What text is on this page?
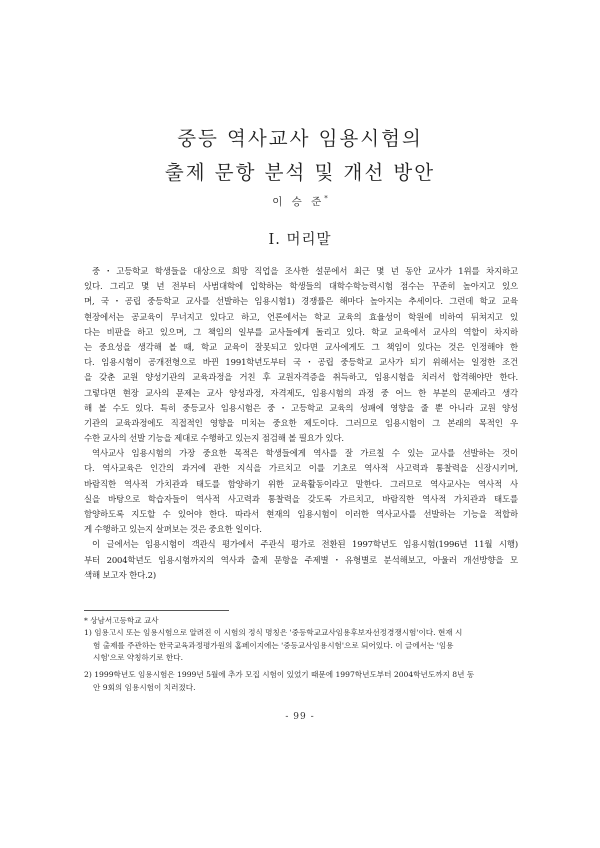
중등 역사교사 임용시험의
출제 문항 분석 및 개선 방안
이 승 준*
Ⅰ. 머리말
중・고등학교 학생들을 대상으로 희망 직업을 조사한 설문에서 최근 몇 년 동안 교사가 1위를 차지하고
있다. 그리고 몇 년 전부터 사범대학에 입학하는 학생들의 대학수학능력시험 점수는 꾸준히 높아지고 있으
며, 국・공립 중등학교 교사를 선발하는 임용시험1) 경쟁률은 해마다 높아지는 추세이다. 그런데 학교 교육
현장에서는 공교육이 무너지고 있다고 하고, 언론에서는 학교 교육의 효율성이 학원에 비하여 뒤쳐지고 있
다는 비판을 하고 있으며, 그 책임의 일부를 교사들에게 돌리고 있다. 학교 교육에서 교사의 역할이 차지하
는 중요성을 생각해 볼 때, 학교 교육이 잘못되고 있다면 교사에게도 그 책임이 있다는 것은 인정해야 한
다. 임용시험이 공개전형으로 바뀐 1991학년도부터 국・공립 중등학교 교사가 되기 위해서는 일정한 조건
을 갖춘 교원 양성기관의 교육과정을 거친 후 교원자격증을 취득하고, 임용시험을 치러서 합격해야만 한다.
그렇다면 현장 교사의 문제는 교사 양성과정, 자격제도, 임용시험의 과정 중 어느 한 부분의 문제라고 생각
해 볼 수도 있다. 특히 중등교사 임용시험은 중・고등학교 교육의 성패에 영향을 줄 뿐 아니라 교원 양성
기관의 교육과정에도 직접적인 영향을 미치는 중요한 제도이다. 그러므로 임용시험이 그 본래의 목적인 우
수한 교사의 선발 기능을 제대로 수행하고 있는지 점검해 볼 필요가 있다.
역사교사 임용시험의 가장 중요한 목적은 학생들에게 역사를 잘 가르칠 수 있는 교사를 선발하는 것이
다. 역사교육은 인간의 과거에 관한 지식을 가르치고 이를 기초로 역사적 사고력과 통찰력을 신장시키며,
바람직한 역사적 가치관과 태도를 함양하기 위한 교육활동이라고 말한다. 그러므로 역사교사는 역사적 사
실을 바탕으로 학습자들이 역사적 사고력과 통찰력을 갖도록 가르치고, 바람직한 역사적 가치관과 태도를
함양하도록 지도할 수 있어야 한다. 따라서 현재의 임용시험이 이러한 역사교사를 선발하는 기능을 적합하
게 수행하고 있는지 살펴보는 것은 중요한 일이다.
이 글에서는 임용시험이 객관식 평가에서 주관식 평가로 전환된 1997학년도 임용시험(1996년 11월 시행)
부터 2004학년도 임용시험까지의 역사과 출제 문항을 주제별・유형별로 분석해보고, 아울러 개선방향을 모
색해 보고자 한다.2)
* 상남서고등학교 교사
1) 임용고시 또는 임용시험으로 알려진 이 시험의 정식 명칭은 '중등학교교사임용후보자선정경쟁시험'이다. 현재 시
험 출제를 주관하는 한국교육과정평가원의 홈페이지에는 '중등교사임용시험'으로 되어있다. 이 글에서는 '임용
시험'으로 약칭하기로 한다.
2) 1999학년도 임용시험은 1999년 5월에 추가 모집 시험이 있었기 때문에 1997학년도부터 2004학년도까지 8년 동
안 9회의 임용시험이 치러졌다.
- 99 -
